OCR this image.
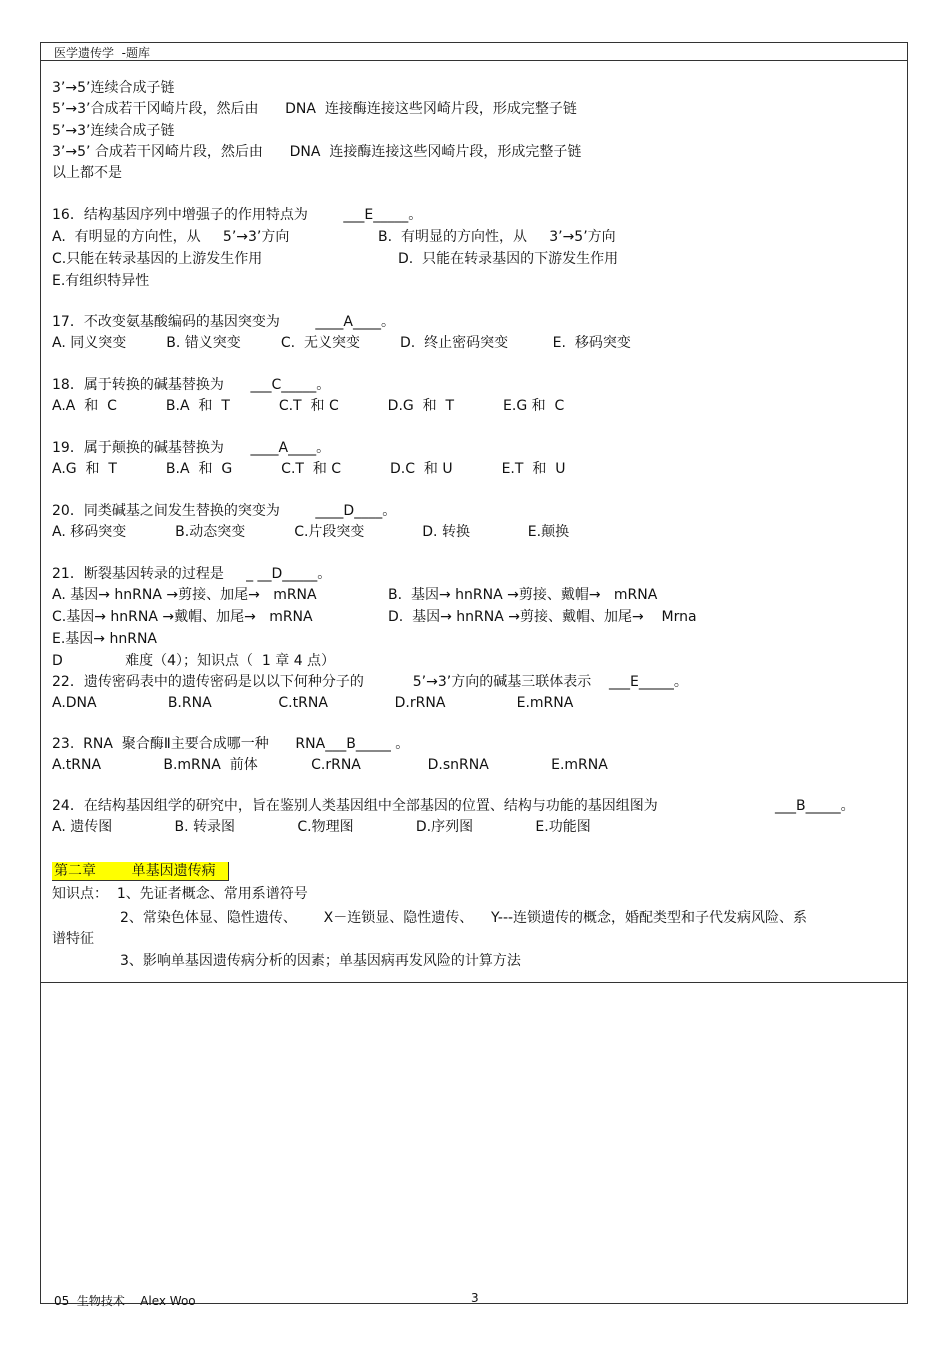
医学遗传学  -题库
3’→5’连续合成子链
5’→3’合成若干冈崎片段，然后由      DNA  连接酶连接这些冈崎片段，形成完整子链
5’→3’连续合成子链
3’→5’ 合成若干冈崎片段，然后由      DNA  连接酶连接这些冈崎片段，形成完整子链
以上都不是
16．结构基因序列中增强子的作用特点为        ___E_____。
A.  有明显的方向性，从     5’→3’方向	B.  有明显的方向性，从     3’→5’方向
C.只能在转录基因的上游发生作用	D.  只能在转录基因的下游发生作用
E.有组织特异性
17．不改变氨基酸编码的基因突变为        ____A____。
A. 同义突变         B. 错义突变         C.  无义突变         D.  终止密码突变          E.  移码突变
18．属于转换的碱基替换为      ___C_____。
A.A  和  C           B.A  和  T           C.T  和 C           D.G  和  T           E.G 和  C
19．属于颠换的碱基替换为      ____A____。
A.G  和  T           B.A  和  G           C.T  和 C           D.C  和 U           E.T  和  U
20．同类碱基之间发生替换的突变为        ____D____。
A. 移码突变           B.动态突变           C.片段突变             D. 转换             E.颠换
21．断裂基因转录的过程是     _ __D_____。
A. 基因→ hnRNA →剪接、加尾→   mRNA	B.  基因→ hnRNA →剪接、戴帽→   mRNA
C.基因→ hnRNA →戴帽、加尾→   mRNA	D.  基因→ hnRNA →剪接、戴帽、加尾→    Mrna
E.基因→ hnRNA
D              难度（4）；知识点（  1 章 4 点）
22．遗传密码表中的遗传密码是以以下何种分子的           5’→3’方向的碱基三联体表示    ___E_____。
A.DNA                B.RNA               C.tRNA               D.rRNA                E.mRNA
23.  RNA  聚合酶Ⅱ主要合成哪一种      RNA___B_____ 。
A.tRNA              B.mRNA  前体            C.rRNA               D.snRNA              E.mRNA
24．在结构基因组学的研究中，旨在鉴别人类基因组中全部基因的位置、结构与功能的基因组图为	___B_____。
A. 遗传图              B. 转录图              C.物理图              D.序列图              E.功能图
第二章        单基因遗传病
知识点：  1、先证者概念、常用系谱符号
2、常染色体显、隐性遗传、      X－连锁显、隐性遗传、    Y---连锁遗传的概念，婚配类型和子代发病风险、系
谱特征
3、影响单基因遗传病分析的因素；单基因病再发风险的计算方法
05  生物技术    Alex Woo	3
